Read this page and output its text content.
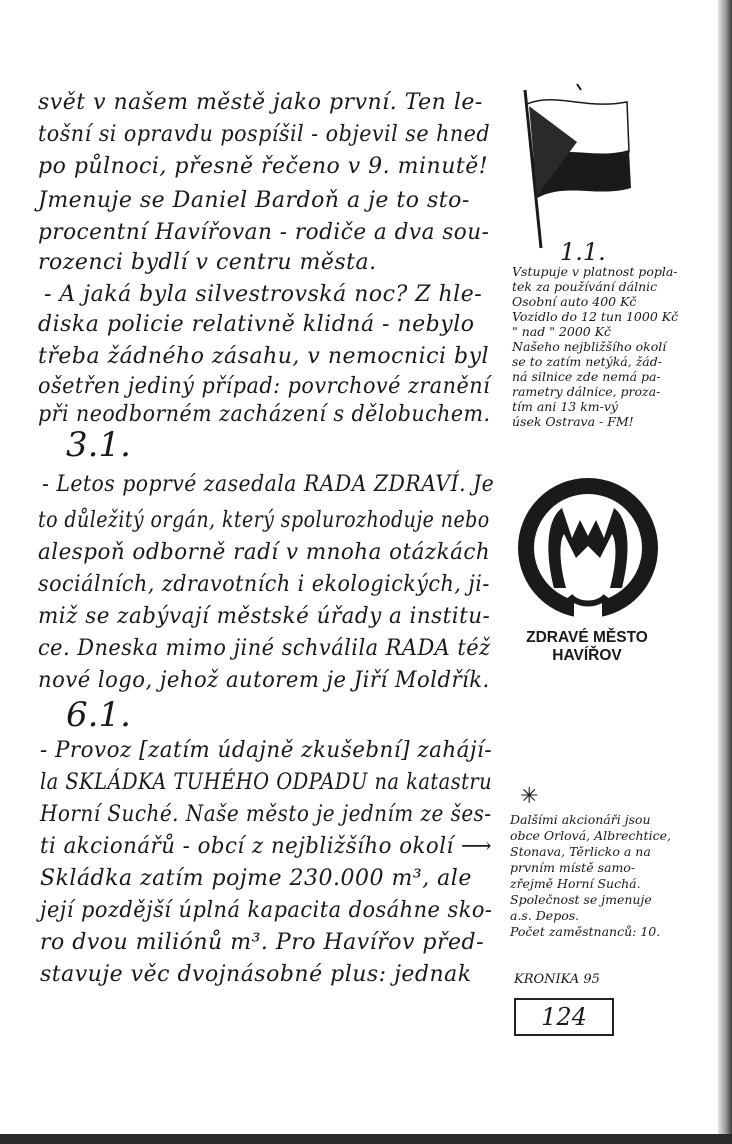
svět v našem městě jako první. Ten le-
tošní si opravdu pospíšil - objevil se hned
po půlnoci, přesně řečeno v 9. minutě!
Jmenuje se Daniel Bardoň a je to sto-
procentní Havířovan - rodiče a dva sou-
rozenci bydlí v centru města.
- A jaká byla silvestrovská noc? Z hle-
diska policie relativně klidná - nebylo
třeba žádného zásahu, v nemocnici byl
ošetřen jediný případ: povrchové zranění
při neodborném zacházení s dělobuchem.
3.1.
- Letos poprvé zasedala RADA ZDRAVÍ. Je
to důležitý orgán, který spolurozhoduje nebo
alespoň odborně radí v mnoha otázkách
sociálních, zdravotních i ekologických, ji-
miž se zabývají městské úřady a institu-
ce. Dneska mimo jiné schválila RADA též
nové logo, jehož autorem je Jiří Moldřík.
6.1.
- Provoz [zatím údajně zkušební] zahájí-
la SKLÁDKA TUHÉHO ODPADU na katastru
Horní Suché. Naše město je jedním ze šes-
ti akcionářů - obcí z nejbližšího okolí ⟶
Skládka zatím pojme 230.000 m³, ale
její pozdější úplná kapacita dosáhne sko-
ro dvou miliónů m³. Pro Havířov před-
stavuje věc dvojnásobné plus: jednak
1.1.
Vstupuje v platnost popla-
tek za používání dálnic
Osobní auto 400 Kč
Vozidlo do 12 tun 1000 Kč
" nad " 2000 Kč
Našeho nejbližšího okolí
se to zatím netýká, žád-
ná silnice zde nemá pa-
rametry dálnice, proza-
tím ani 13 km-vý
úsek Ostrava - FM!
ZDRAVÉ MĚSTO
HAVÍŘOV
✳
Dalšími akcionáři jsou
obce Orlová, Albrechtice,
Stonava, Těrlicko a na
prvním místě samo-
zřejmě Horní Suchá.
Společnost se jmenuje
a.s. Depos.
Počet zaměstnanců: 10.
KRONIKA 95
124
